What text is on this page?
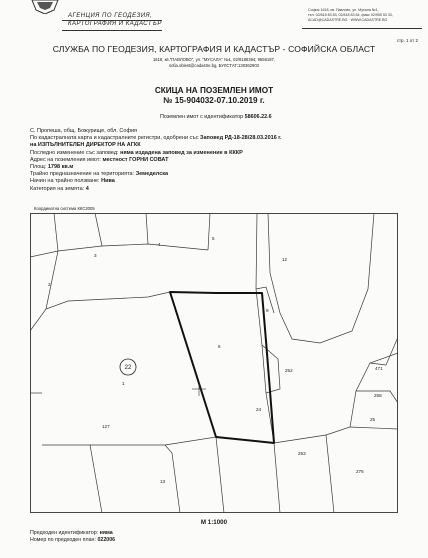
АГЕНЦИЯ ПО ГЕОДЕЗИЯ,
КАРТОГРАФИЯ И КАДАСТЪР
София 1618, кв. Павлово, ул. Мусала №1,
тел. 02/818 83 83, 02/818 83 84, факс 02/955 53 33,
ACAD@CADASTRE.BG · WWW.CADASTRE.BG
стр. 1 от 2
СЛУЖБА ПО ГЕОДЕЗИЯ, КАРТОГРАФИЯ И КАДАСТЪР - СОФИЙСКА ОБЛАСТ
1618, кв."ПАВЛОВО", ул. "МУСАЛА" №1, 02/8188394; 9556187,
sofia.oblest@cadastre.bg, БУЛСТАТ:130362903
СКИЦА НА ПОЗЕМЛЕН ИМОТ
№ 15-904032-07.10.2019 г.
Поземлен имот с идентификатор 58606.22.6
С. Пропеша, общ. Божурище, обл. София
По кадастралната карта и кадастралните регистри, одобрени със Заповед РД-18-28/28.03.2016 г.
на ИЗПЪЛНИТЕЛЕН ДИРЕКТОР НА АГКК
Последно изменение със заповед: няма издадена заповед за изменение в КККР
Адрес на поземления имот: местност ГОРНИ СОВАТ
Площ: 1798 кв.м
Трайно предназначение на територията: Земеделска
Начин на трайно ползване: Нива
Категория на земята: 4
Координатна система ККС2005
22
3
4
5
2
12
9
6
1
127
252	471
13
253
268
276
25
24
М 1:1000
Предходен идентификатор: няма
Номер по предходен план: 022006
